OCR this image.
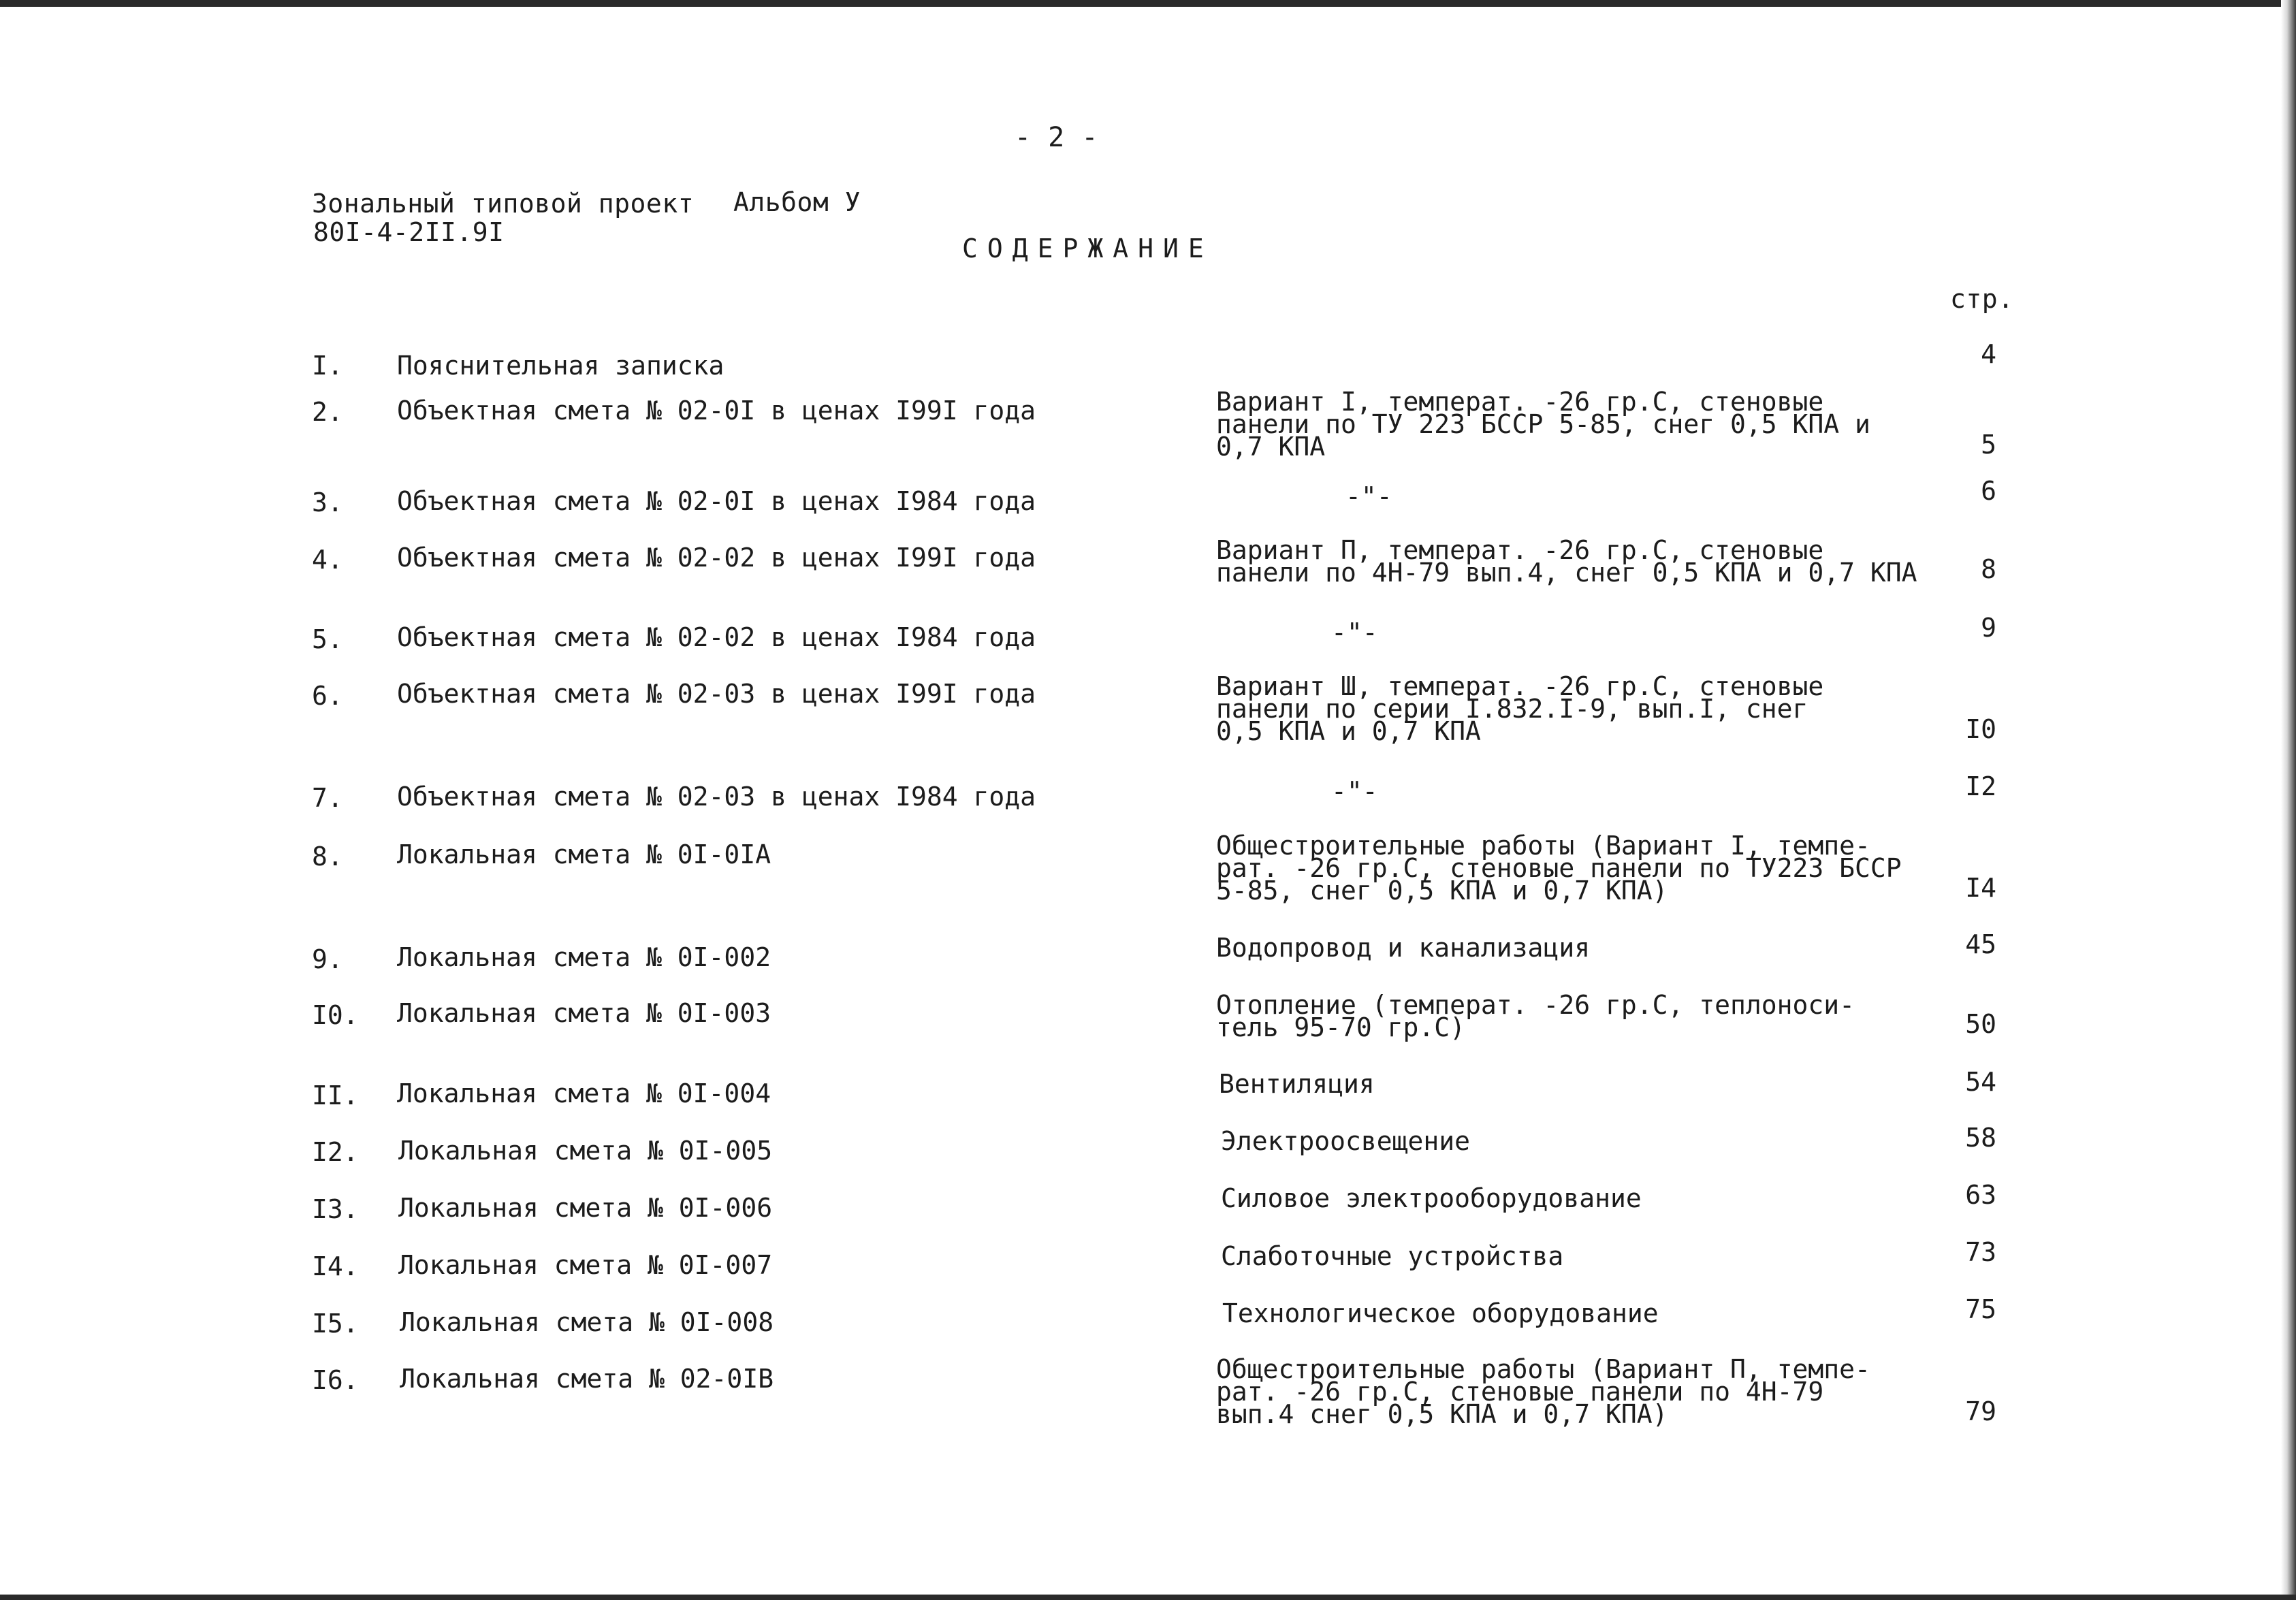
- 2 -
Зональный типовой проект
80I-4-2II.9I
Альбом У
СОДЕРЖАНИЕ
стр.
I. Пояснительная записка	4
2. Объектная смета № 02-0I в ценах I99I года	Вариант I, температ. -26 гр.С, стеновые
панели по ТУ 223 БССР 5-85, снег 0,5 КПА и
0,7 КПА	5
3. Объектная смета № 02-0I в ценах I984 года	-"-	6
4. Объектная смета № 02-02 в ценах I99I года	Вариант П, температ. -26 гр.С, стеновые
панели по 4Н-79 вып.4, снег 0,5 КПА и 0,7 КПА	8
5. Объектная смета № 02-02 в ценах I984 года	-"-	9
6. Объектная смета № 02-03 в ценах I99I года	Вариант Ш, температ. -26 гр.С, стеновые
панели по серии I.832.I-9, вып.I, снег
0,5 КПА и 0,7 КПА	I0
7. Объектная смета № 02-03 в ценах I984 года	-"-	I2
8. Локальная смета № 0I-0IА	Общестроительные работы (Вариант I, темпе-
рат. -26 гр.С, стеновые панели по ТУ223 БССР
5-85, снег 0,5 КПА и 0,7 КПА)	I4
9. Локальная смета № 0I-002	Водопровод и канализация	45
I0. Локальная смета № 0I-003	Отопление (температ. -26 гр.С, теплоноси-
тель 95-70 гр.С)	50
II. Локальная смета № 0I-004	Вентиляция	54
I2. Локальная смета № 0I-005	Электроосвещение	58
I3. Локальная смета № 0I-006	Силовое электрооборудование	63
I4. Локальная смета № 0I-007	Слаботочные устройства	73
I5. Локальная смета № 0I-008	Технологическое оборудование	75
I6. Локальная смета № 02-0IВ	Общестроительные работы (Вариант П, темпе-
рат. -26 гр.С, стеновые панели по 4Н-79
вып.4 снег 0,5 КПА и 0,7 КПА)	79
